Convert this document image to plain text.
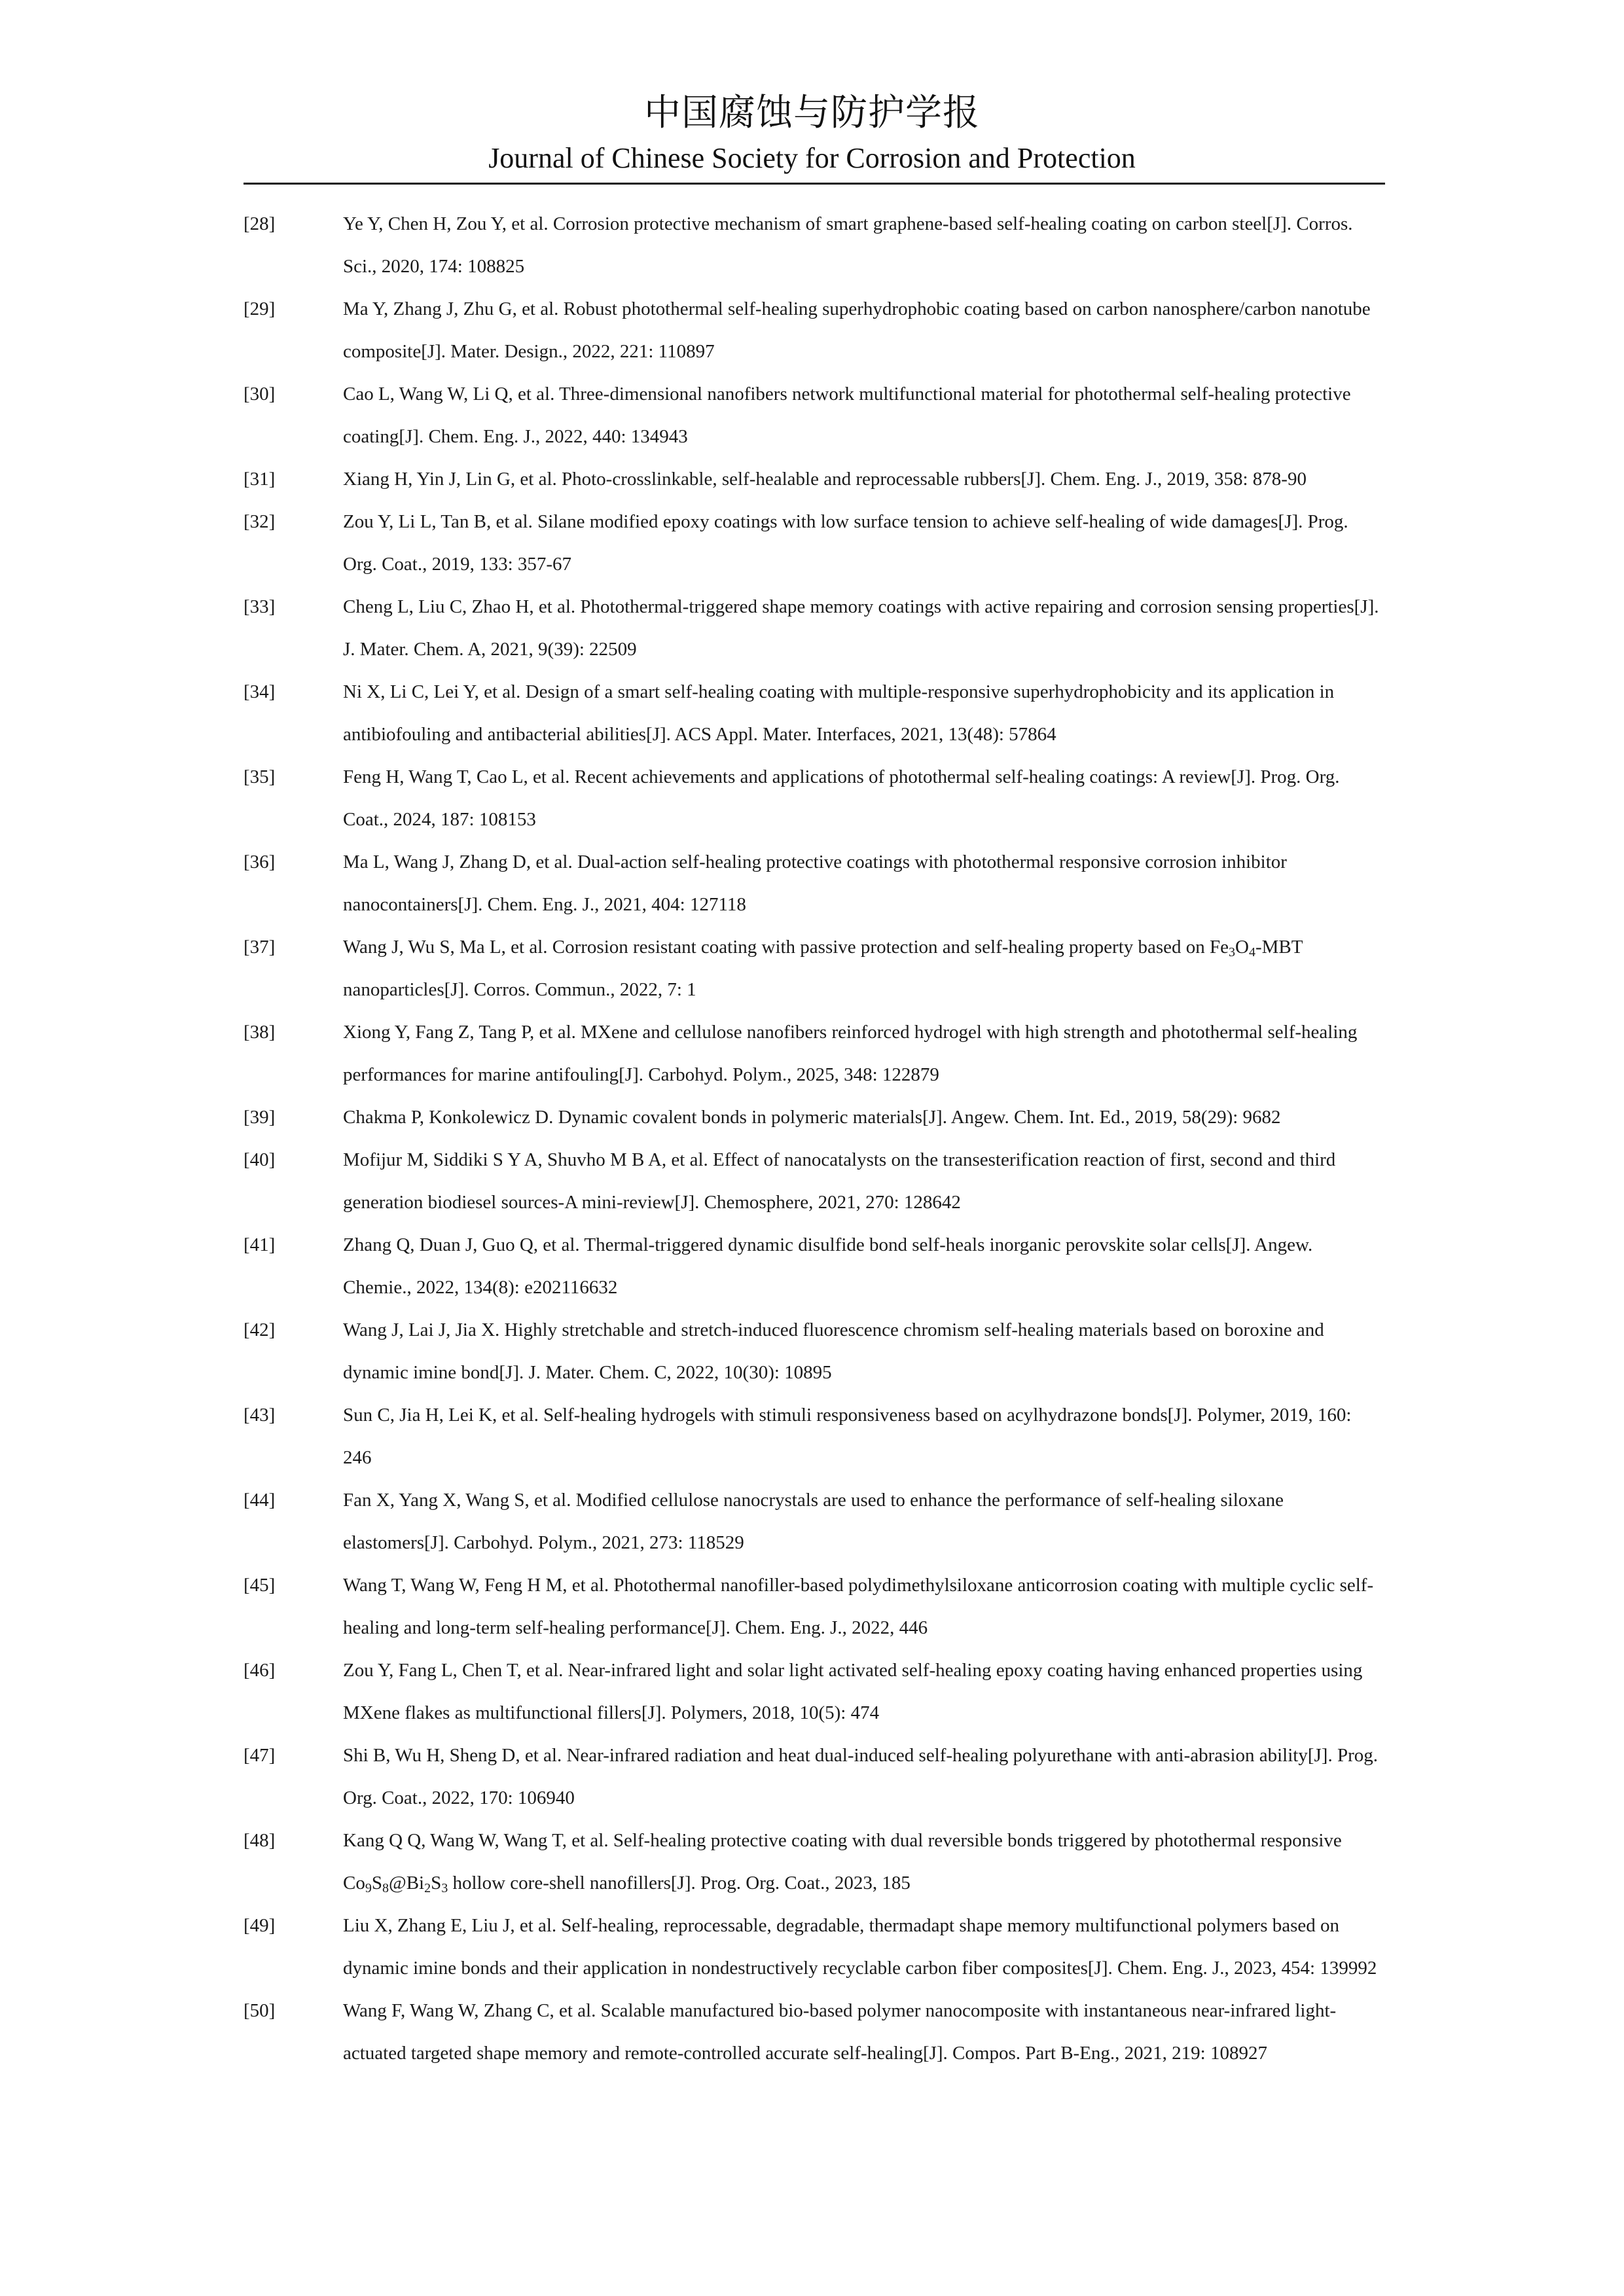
中国腐蚀与防护学报
Journal of Chinese Society for Corrosion and Protection
[28]	Ye Y, Chen H, Zou Y, et al. Corrosion protective mechanism of smart graphene-based self-healing coating on carbon steel[J]. Corros. Sci., 2020, 174: 108825
[29]	Ma Y, Zhang J, Zhu G, et al. Robust photothermal self-healing superhydrophobic coating based on carbon nanosphere/carbon nanotube composite[J]. Mater. Design., 2022, 221: 110897
[30]	Cao L, Wang W, Li Q, et al. Three-dimensional nanofibers network multifunctional material for photothermal self-healing protective coating[J]. Chem. Eng. J., 2022, 440: 134943
[31]	Xiang H, Yin J, Lin G, et al. Photo-crosslinkable, self-healable and reprocessable rubbers[J]. Chem. Eng. J., 2019, 358: 878-90
[32]	Zou Y, Li L, Tan B, et al. Silane modified epoxy coatings with low surface tension to achieve self-healing of wide damages[J]. Prog. Org. Coat., 2019, 133: 357-67
[33]	Cheng L, Liu C, Zhao H, et al. Photothermal-triggered shape memory coatings with active repairing and corrosion sensing properties[J]. J. Mater. Chem. A, 2021, 9(39): 22509
[34]	Ni X, Li C, Lei Y, et al. Design of a smart self-healing coating with multiple-responsive superhydrophobicity and its application in antibiofouling and antibacterial abilities[J]. ACS Appl. Mater. Interfaces, 2021, 13(48): 57864
[35]	Feng H, Wang T, Cao L, et al. Recent achievements and applications of photothermal self-healing coatings: A review[J]. Prog. Org. Coat., 2024, 187: 108153
[36]	Ma L, Wang J, Zhang D, et al. Dual-action self-healing protective coatings with photothermal responsive corrosion inhibitor nanocontainers[J]. Chem. Eng. J., 2021, 404: 127118
[37]	Wang J, Wu S, Ma L, et al. Corrosion resistant coating with passive protection and self-healing property based on $Fe_3O_4$-MBT nanoparticles[J]. Corros. Commun., 2022, 7: 1
[38]	Xiong Y, Fang Z, Tang P, et al. MXene and cellulose nanofibers reinforced hydrogel with high strength and photothermal self-healing performances for marine antifouling[J]. Carbohyd. Polym., 2025, 348: 122879
[39]	Chakma P, Konkolewicz D. Dynamic covalent bonds in polymeric materials[J]. Angew. Chem. Int. Ed., 2019, 58(29): 9682
[40]	Mofijur M, Siddiki S Y A, Shuvho M B A, et al. Effect of nanocatalysts on the transesterification reaction of first, second and third generation biodiesel sources-A mini-review[J]. Chemosphere, 2021, 270: 128642
[41]	Zhang Q, Duan J, Guo Q, et al. Thermal-triggered dynamic disulfide bond self-heals inorganic perovskite solar cells[J]. Angew. Chemie., 2022, 134(8): e202116632
[42]	Wang J, Lai J, Jia X. Highly stretchable and stretch-induced fluorescence chromism self-healing materials based on boroxine and dynamic imine bond[J]. J. Mater. Chem. C, 2022, 10(30): 10895
[43]	Sun C, Jia H, Lei K, et al. Self-healing hydrogels with stimuli responsiveness based on acylhydrazone bonds[J]. Polymer, 2019, 160: 246
[44]	Fan X, Yang X, Wang S, et al. Modified cellulose nanocrystals are used to enhance the performance of self-healing siloxane elastomers[J]. Carbohyd. Polym., 2021, 273: 118529
[45]	Wang T, Wang W, Feng H M, et al. Photothermal nanofiller-based polydimethylsiloxane anticorrosion coating with multiple cyclic self-healing and long-term self-healing performance[J]. Chem. Eng. J., 2022, 446
[46]	Zou Y, Fang L, Chen T, et al. Near-infrared light and solar light activated self-healing epoxy coating having enhanced properties using MXene flakes as multifunctional fillers[J]. Polymers, 2018, 10(5): 474
[47]	Shi B, Wu H, Sheng D, et al. Near-infrared radiation and heat dual-induced self-healing polyurethane with anti-abrasion ability[J]. Prog. Org. Coat., 2022, 170: 106940
[48]	Kang Q Q, Wang W, Wang T, et al. Self-healing protective coating with dual reversible bonds triggered by photothermal responsive $Co_9S_8@Bi_2S_3$ hollow core-shell nanofillers[J]. Prog. Org. Coat., 2023, 185
[49]	Liu X, Zhang E, Liu J, et al. Self-healing, reprocessable, degradable, thermadapt shape memory multifunctional polymers based on dynamic imine bonds and their application in nondestructively recyclable carbon fiber composites[J]. Chem. Eng. J., 2023, 454: 139992
[50]	Wang F, Wang W, Zhang C, et al. Scalable manufactured bio-based polymer nanocomposite with instantaneous near-infrared light-actuated targeted shape memory and remote-controlled accurate self-healing[J]. Compos. Part B-Eng., 2021, 219: 108927
